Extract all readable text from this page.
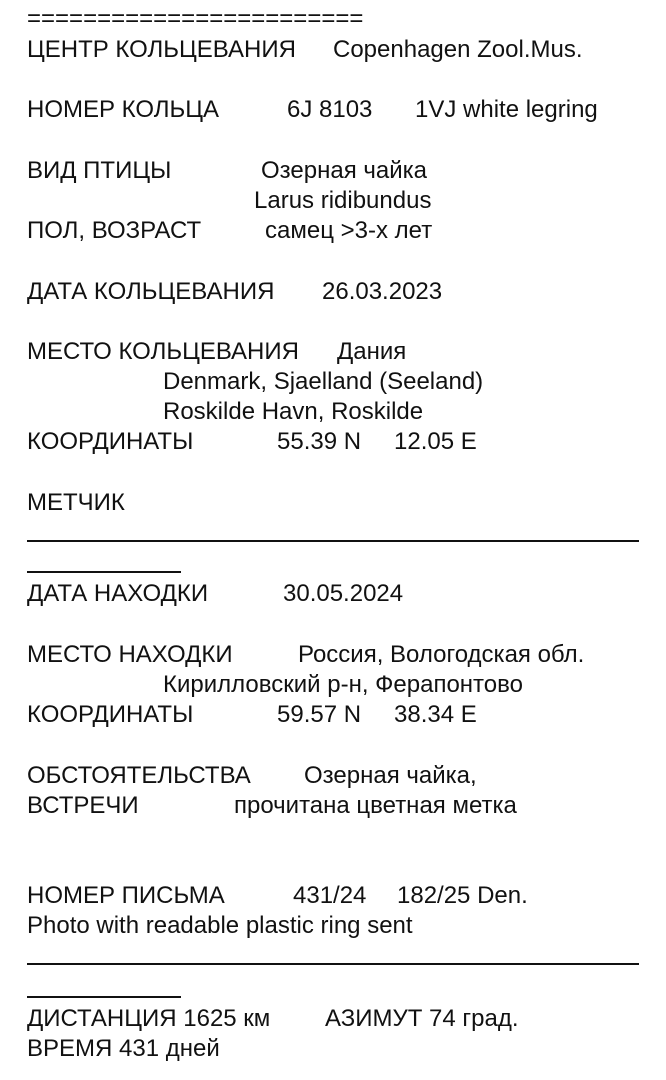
========================
ЦЕНТР КОЛЬЦЕВАНИЯ Copenhagen Zool.Mus.
НОМЕР КОЛЬЦА	6J 8103 1VJ white legring
ВИД ПТИЦЫ	Озерная чайка
Larus ridibundus
ПОЛ, ВОЗРАСТ	самец >3-х лет
ДАТА КОЛЬЦЕВАНИЯ 26.03.2023
МЕСТО КОЛЬЦЕВАНИЯ Дания
Denmark, Sjaelland (Seeland)
Roskilde Havn, Roskilde
КООРДИНАТЫ	55.39 N 12.05 E
МЕТЧИК
ДАТА НАХОДКИ	30.05.2024
МЕСТО НАХОДКИ	Россия, Вологодская обл.
Кирилловский р-н, Ферапонтово
КООРДИНАТЫ	59.57 N 38.34 E
ОБСТОЯТЕЛЬСТВА Озерная чайка,
ВСТРЕЧИ	прочитана цветная метка
НОМЕР ПИСЬМА	431/24 182/25 Den.
Photo with readable plastic ring sent
ДИСТАНЦИЯ 1625 км АЗИМУТ 74 град.
ВРЕМЯ 431 дней
